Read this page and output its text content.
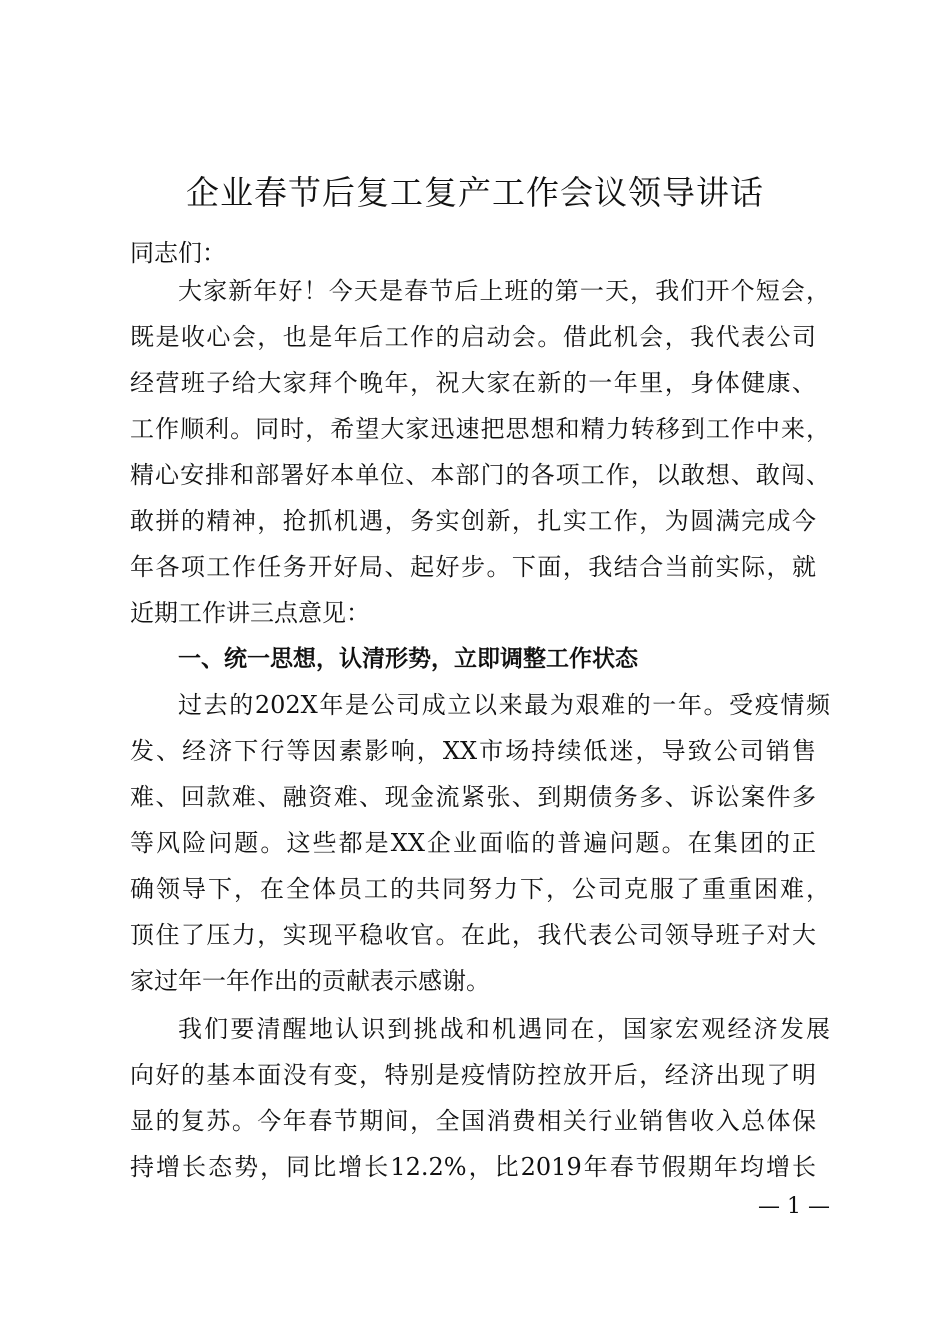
企业春节后复工复产工作会议领导讲话
同志们：
大家新年好！今天是春节后上班的第一天，我们开个短会，
既是收心会，也是年后工作的启动会。借此机会，我代表公司
经营班子给大家拜个晚年，祝大家在新的一年里，身体健康、
工作顺利。同时，希望大家迅速把思想和精力转移到工作中来，
精心安排和部署好本单位、本部门的各项工作，以敢想、敢闯、
敢拼的精神，抢抓机遇，务实创新，扎实工作，为圆满完成今
年各项工作任务开好局、起好步。下面，我结合当前实际，就
近期工作讲三点意见：
一、统一思想，认清形势，立即调整工作状态
过去的202X年是公司成立以来最为艰难的一年。受疫情频
发、经济下行等因素影响，XX市场持续低迷，导致公司销售
难、回款难、融资难、现金流紧张、到期债务多、诉讼案件多
等风险问题。这些都是XX企业面临的普遍问题。在集团的正
确领导下，在全体员工的共同努力下，公司克服了重重困难，
顶住了压力，实现平稳收官。在此，我代表公司领导班子对大
家过年一年作出的贡献表示感谢。
我们要清醒地认识到挑战和机遇同在，国家宏观经济发展
向好的基本面没有变，特别是疫情防控放开后，经济出现了明
显的复苏。今年春节期间，全国消费相关行业销售收入总体保
持增长态势，同比增长12.2%，比2019年春节假期年均增长
— 1 —
